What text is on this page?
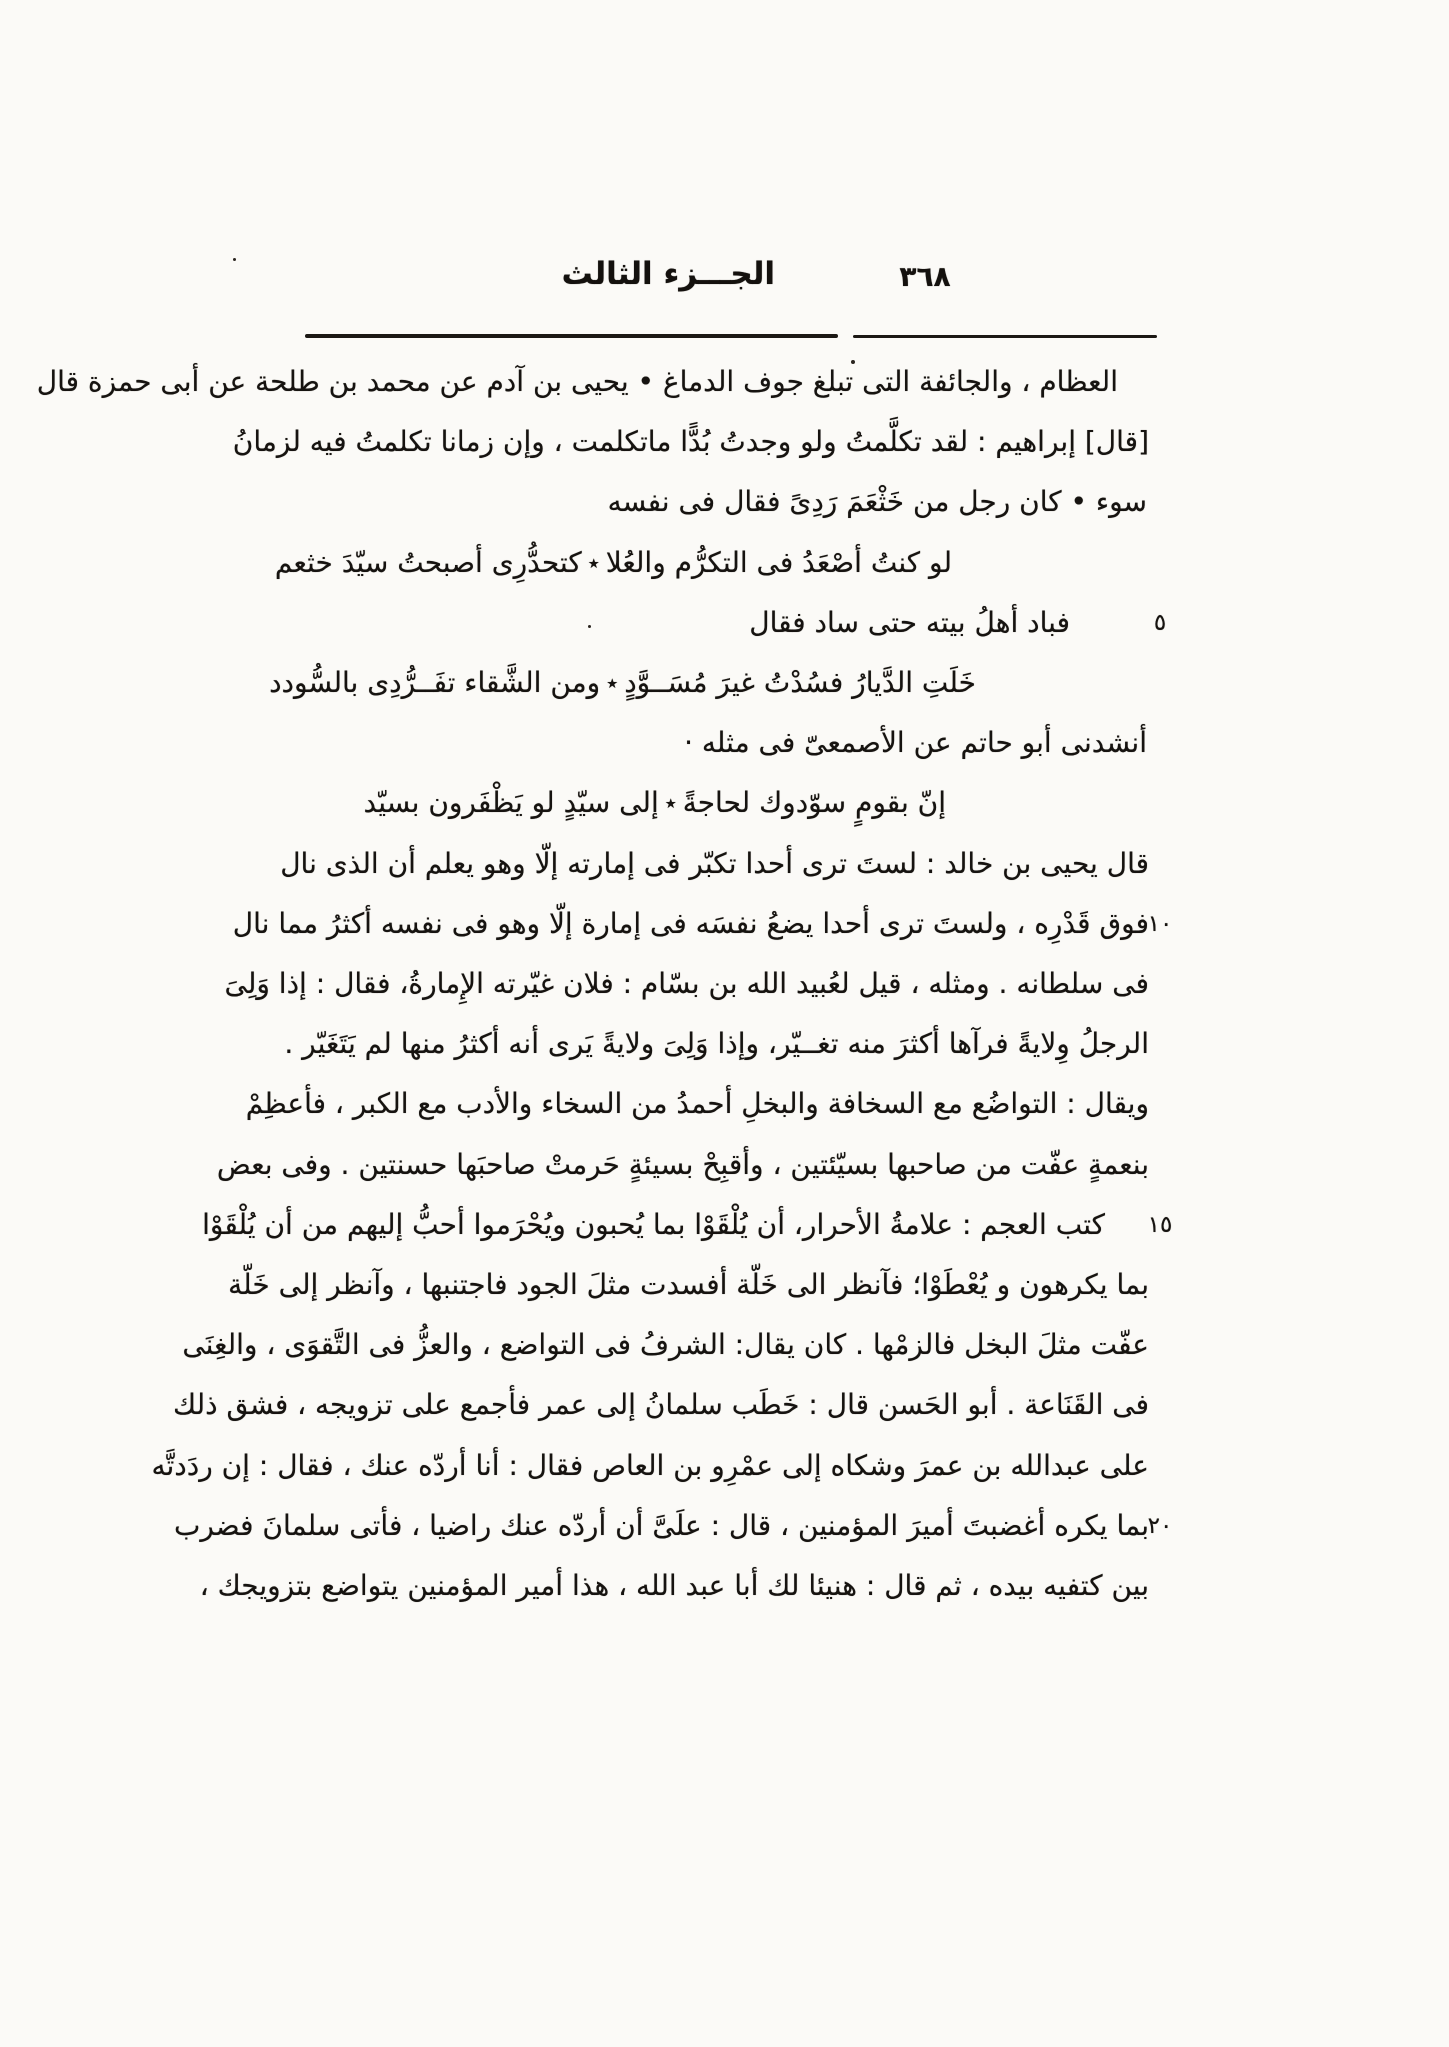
الجـــزء الثالث	٣٦٨
العظام ، والجائفة التى تبلغ جوف الدماغ • يحيى بن آدم عن محمد بن طلحة عن أبى حمزة قال
[قال] إبراهيم : لقد تكلَّمتُ ولو وجدتُ بُدًّا ماتكلمت ، وإن زمانا تكلمتُ فيه لزمانُ
سوء • كان رجل من خَثْعَمَ رَدِىً فقال فى نفسه
لو كنتُ أصْعَدُ فى التكرُّم والعُلا
٭
كتحدُّرِى أصبحتُ سيّدَ خثعم
فباد أهلُ بيته حتى ساد فقال	٥
خَلَتِ الدَّيارُ فسُدْتُ غيرَ مُسَــوَّدٍ
٭
ومن الشَّقاء تفَــرُّدِى بالسُّودد
أنشدنى أبو حاتم عن الأصمعىّ فى مثله ·
إنّ بقومٍ سوّدوك لحاجةً
٭
إلى سيّدٍ لو يَظْفَرون بسيّد
قال يحيى بن خالد : لستَ ترى أحدا تكبّر فى إمارته إلّا وهو يعلم أن الذى نال
فوق قَدْرِه ، ولستَ ترى أحدا يضعُ نفسَه فى إمارة إلّا وهو فى نفسه أكثرُ مما نال
١٠
فى سلطانه . ومثله ، قيل لعُبيد الله بن بسّام : فلان غيّرته الإِمارةُ، فقال : إذا وَلِىَ
الرجلُ وِلايةً فرآها أكثرَ منه تغــيّر، وإذا وَلِىَ ولايةً يَرى أنه أكثرُ منها لم يَتَغَيّر .
ويقال : التواضُع مع السخافة والبخلِ أحمدُ من السخاء والأدب مع الكبر ، فأعظِمْ
بنعمةٍ عفّت من صاحبها بسيّئتين ، وأقبِحْ بسيئةٍ حَرمتْ صاحبَها حسنتين . وفى بعض
كتب العجم : علامةُ الأحرار، أن يُلْقَوْا بما يُحبون ويُحْرَموا أحبُّ إليهم من أن يُلْقَوْا	١٥
بما يكرهون و يُعْطَوْا؛ فآنظر الى خَلّة أفسدت مثلَ الجود فاجتنبها ، وآنظر إلى خَلّة
عفّت مثلَ البخل فالزمْها . كان يقال: الشرفُ فى التواضع ، والعزُّ فى التَّقوَى ، والغِنَى
فى القَنَاعة . أبو الحَسن قال : خَطَب سلمانُ إلى عمر فأجمع على تزويجه ، فشق ذلك
على عبدالله بن عمرَ وشكاه إلى عمْرِو بن العاص فقال : أنا أردّه عنك ، فقال : إن ردَدتَّه
بما يكره أغضبتَ أميرَ المؤمنين ، قال : علَىَّ أن أردّه عنك راضيا ، فأتى سلمانَ فضرب
٢٠
بين كتفيه بيده ، ثم قال : هنيئا لك أبا عبد الله ، هذا أمير المؤمنين يتواضع بتزويجك ،
